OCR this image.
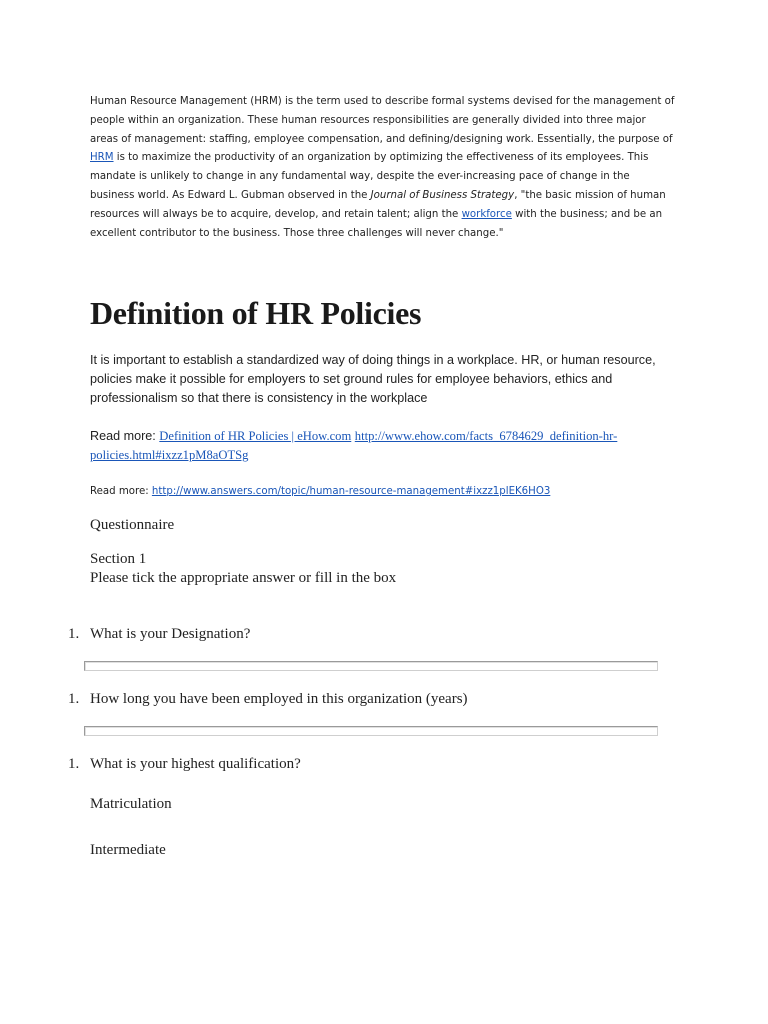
Human Resource Management (HRM) is the term used to describe formal systems devised for the management of people within an organization. These human resources responsibilities are generally divided into three major areas of management: staffing, employee compensation, and defining/designing work. Essentially, the purpose of HRM is to maximize the productivity of an organization by optimizing the effectiveness of its employees. This mandate is unlikely to change in any fundamental way, despite the ever-increasing pace of change in the business world. As Edward L. Gubman observed in the Journal of Business Strategy, "the basic mission of human resources will always be to acquire, develop, and retain talent; align the workforce with the business; and be an excellent contributor to the business. Those three challenges will never change."

Definition of HR Policies

It is important to establish a standardized way of doing things in a workplace. HR, or human resource, policies make it possible for employers to set ground rules for employee behaviors, ethics and professionalism so that there is consistency in the workplace

Read more: Definition of HR Policies | eHow.com http://www.ehow.com/facts_6784629_definition-hr-policies.html#ixzz1pM8aOTSg

Read more: http://www.answers.com/topic/human-resource-management#ixzz1plEK6HO3

Questionnaire

Section 1

Please tick the appropriate answer or fill in the box

1. What is your Designation?
1. How long you have been employed in this organization (years)
1. What is your highest qualification?

Matriculation

Intermediate
